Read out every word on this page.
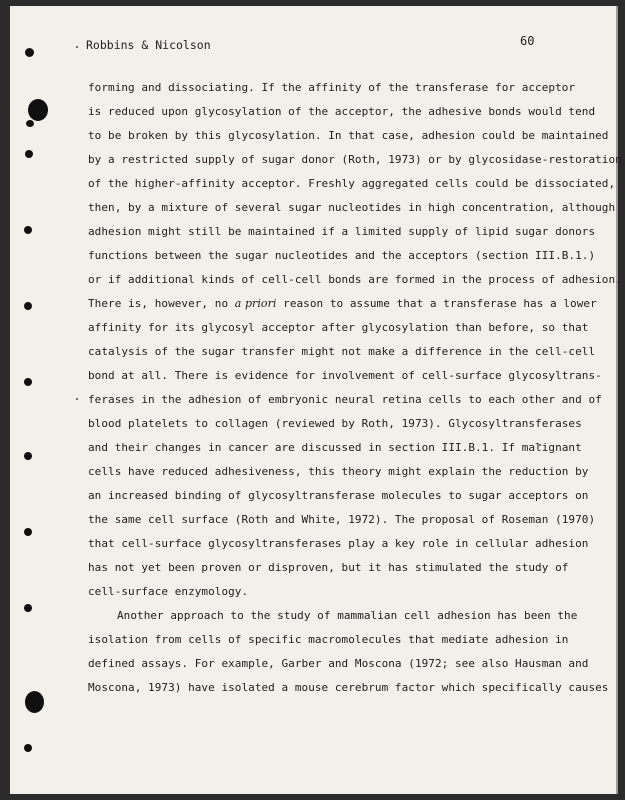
Robbins & Nicolson	60
forming and dissociating. If the affinity of the transferase for acceptor
is reduced upon glycosylation of the acceptor, the adhesive bonds would tend
to be broken by this glycosylation. In that case, adhesion could be maintained
by a restricted supply of sugar donor (Roth, 1973) or by glycosidase-restoration
of the higher-affinity acceptor. Freshly aggregated cells could be dissociated,
then, by a mixture of several sugar nucleotides in high concentration, although
adhesion might still be maintained if a limited supply of lipid sugar donors
functions between the sugar nucleotides and the acceptors (section III.B.1.)
or if additional kinds of cell-cell bonds are formed in the process of adhesion.
There is, however, no a priori reason to assume that a transferase has a lower
affinity for its glycosyl acceptor after glycosylation than before, so that
catalysis of the sugar transfer might not make a difference in the cell-cell
bond at all. There is evidence for involvement of cell-surface glycosyltrans-
ferases in the adhesion of embryonic neural retina cells to each other and of
blood platelets to collagen (reviewed by Roth, 1973). Glycosyltransferases
and their changes in cancer are discussed in section III.B.1. If malignant
cells have reduced adhesiveness, this theory might explain the reduction by
an increased binding of glycosyltransferase molecules to sugar acceptors on
the same cell surface (Roth and White, 1972). The proposal of Roseman (1970)
that cell-surface glycosyltransferases play a key role in cellular adhesion
has not yet been proven or disproven, but it has stimulated the study of
cell-surface enzymology.
Another approach to the study of mammalian cell adhesion has been the
isolation from cells of specific macromolecules that mediate adhesion in
defined assays. For example, Garber and Moscona (1972; see also Hausman and
Moscona, 1973) have isolated a mouse cerebrum factor which specifically causes
